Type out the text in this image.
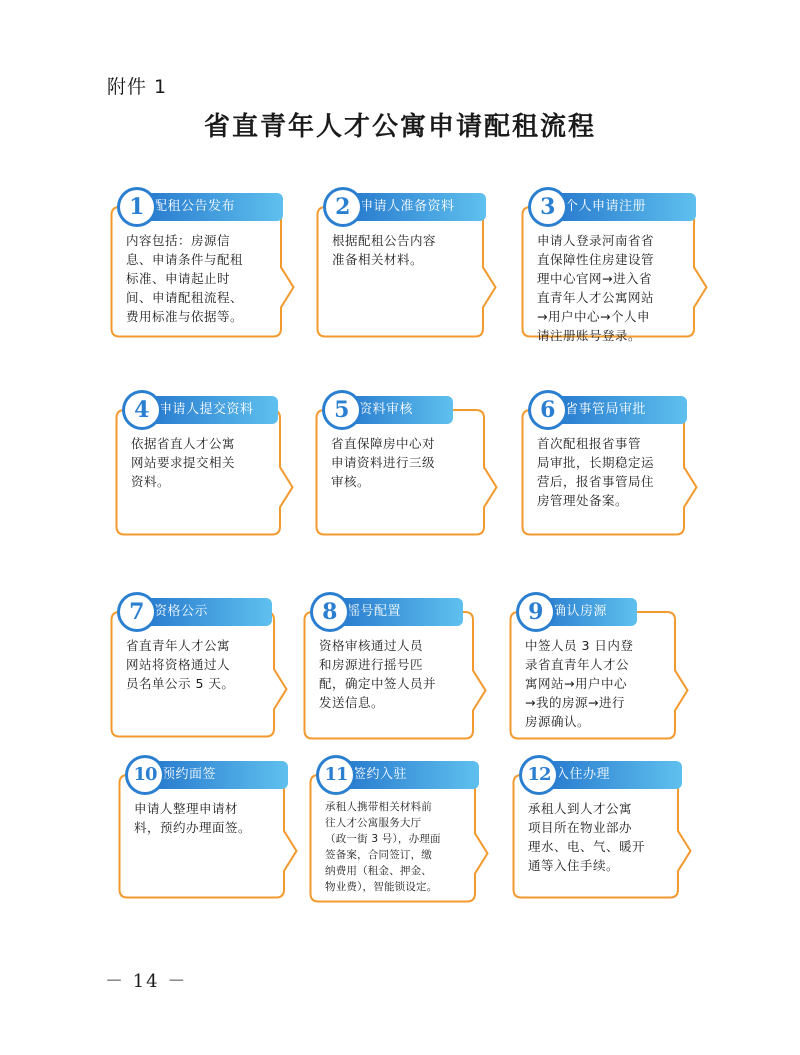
附件 1
省直青年人才公寓申请配租流程
1 配租公告发布
内容包括：房源信
息、申请条件与配租
标准、申请起止时
间、申请配租流程、
费用标准与依据等。
2 申请人准备资料
根据配租公告内容
准备相关材料。
3 个人申请注册
申请人登录河南省省
直保障性住房建设管
理中心官网→进入省
直青年人才公寓网站
→用户中心→个人申
请注册账号登录。
4 申请人提交资料
依据省直人才公寓
网站要求提交相关
资料。
5 资料审核
省直保障房中心对
申请资料进行三级
审核。
6 省事管局审批
首次配租报省事管
局审批，长期稳定运
营后，报省事管局住
房管理处备案。
7 资格公示
省直青年人才公寓
网站将资格通过人
员名单公示 5 天。
8 摇号配置
资格审核通过人员
和房源进行摇号匹
配，确定中签人员并
发送信息。
9 确认房源
中签人员 3 日内登
录省直青年人才公
寓网站→用户中心
→我的房源→进行
房源确认。
10 预约面签
申请人整理申请材
料，预约办理面签。
11 签约入驻
承租人携带相关材料前
往人才公寓服务大厅
（政一街 3 号），办理面
签备案，合同签订，缴
纳费用（租金、押金、
物业费），智能锁设定。
12 入住办理
承租人到人才公寓
项目所在物业部办
理水、电、气、暖开
通等入住手续。
－ 14 －
